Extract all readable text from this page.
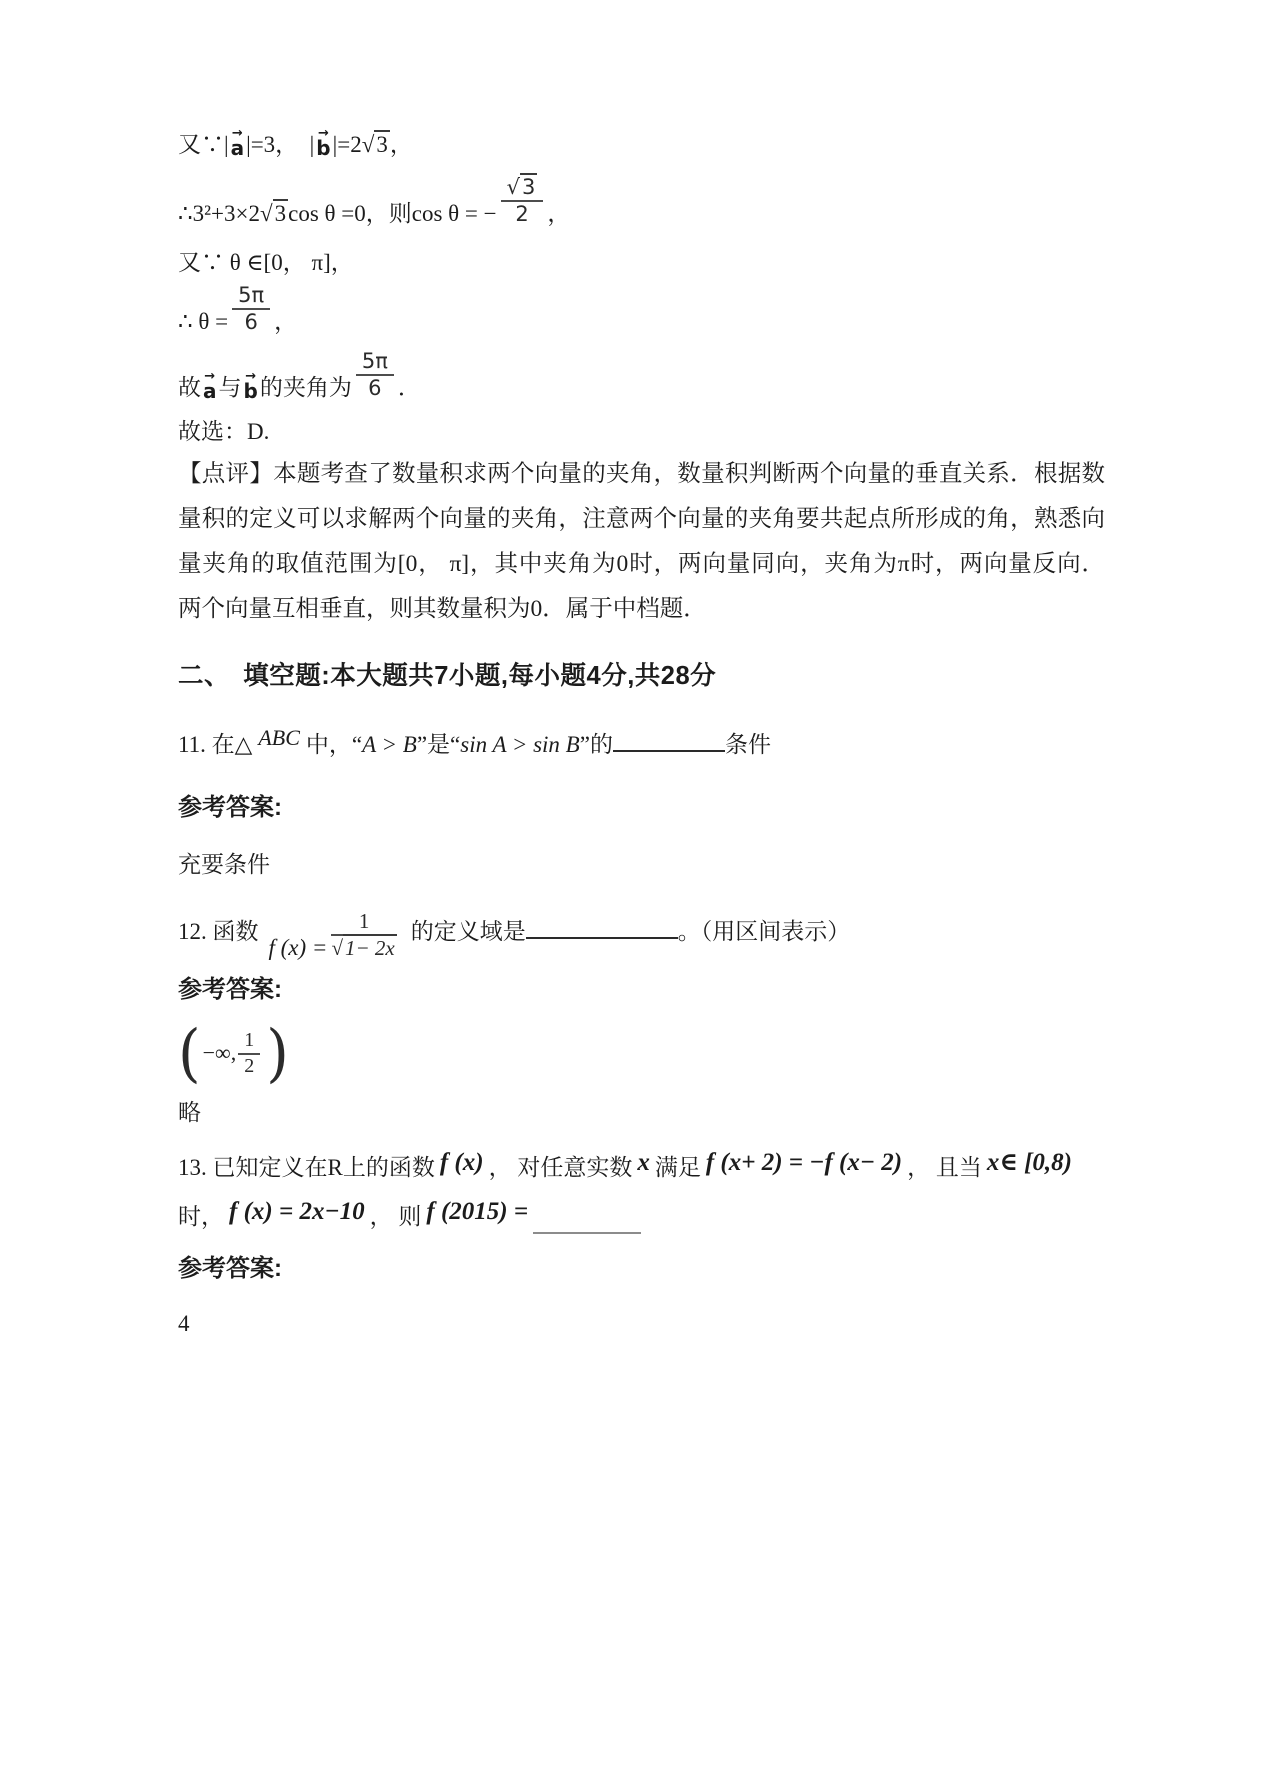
又∵| → a |=3，　| → b |=2 √ 3，
∴3²+3×2 √ 3cos θ =0，则cos θ = − √ $\frac{3}{2}$ ，
又∵ θ ∈[0， π]，
∴ $\theta = \frac{5\pi}{6}$ ，
故 → a 与 → b 的夹角为 $\frac{5\pi}{6}$ ．
故选：D.
【点评】本题考查了数量积求两个向量的夹角，数量积判断两个向量的垂直关系．根据数
量积的定义可以求解两个向量的夹角，注意两个向量的夹角要共起点所形成的角，熟悉向
量夹角的取值范围为[0， π]，其中夹角为0时，两向量同向，夹角为π时，两向量反向．
两个向量互相垂直，则其数量积为0．属于中档题．
二、　填空题:本大题共7小题,每小题4分,共28分
11. 在△ ABC 中，“A > B”是“sin A > sin B”的	条件
参考答案:
充要条件
12. 函数f (x) = 1
√ 1− 2x 的定义域是	。（用区间表示）
参考答案:
( −∞, $\frac{1}{2}$ )
略
13. 已知定义在R上的函数 f (x) ， 对任意实数 x 满足 f (x+ 2) = −f (x− 2) ， 且当 x∈ [0,8)
时， f (x) = 2x−10 ， 则 f (2015) =
参考答案:
4
